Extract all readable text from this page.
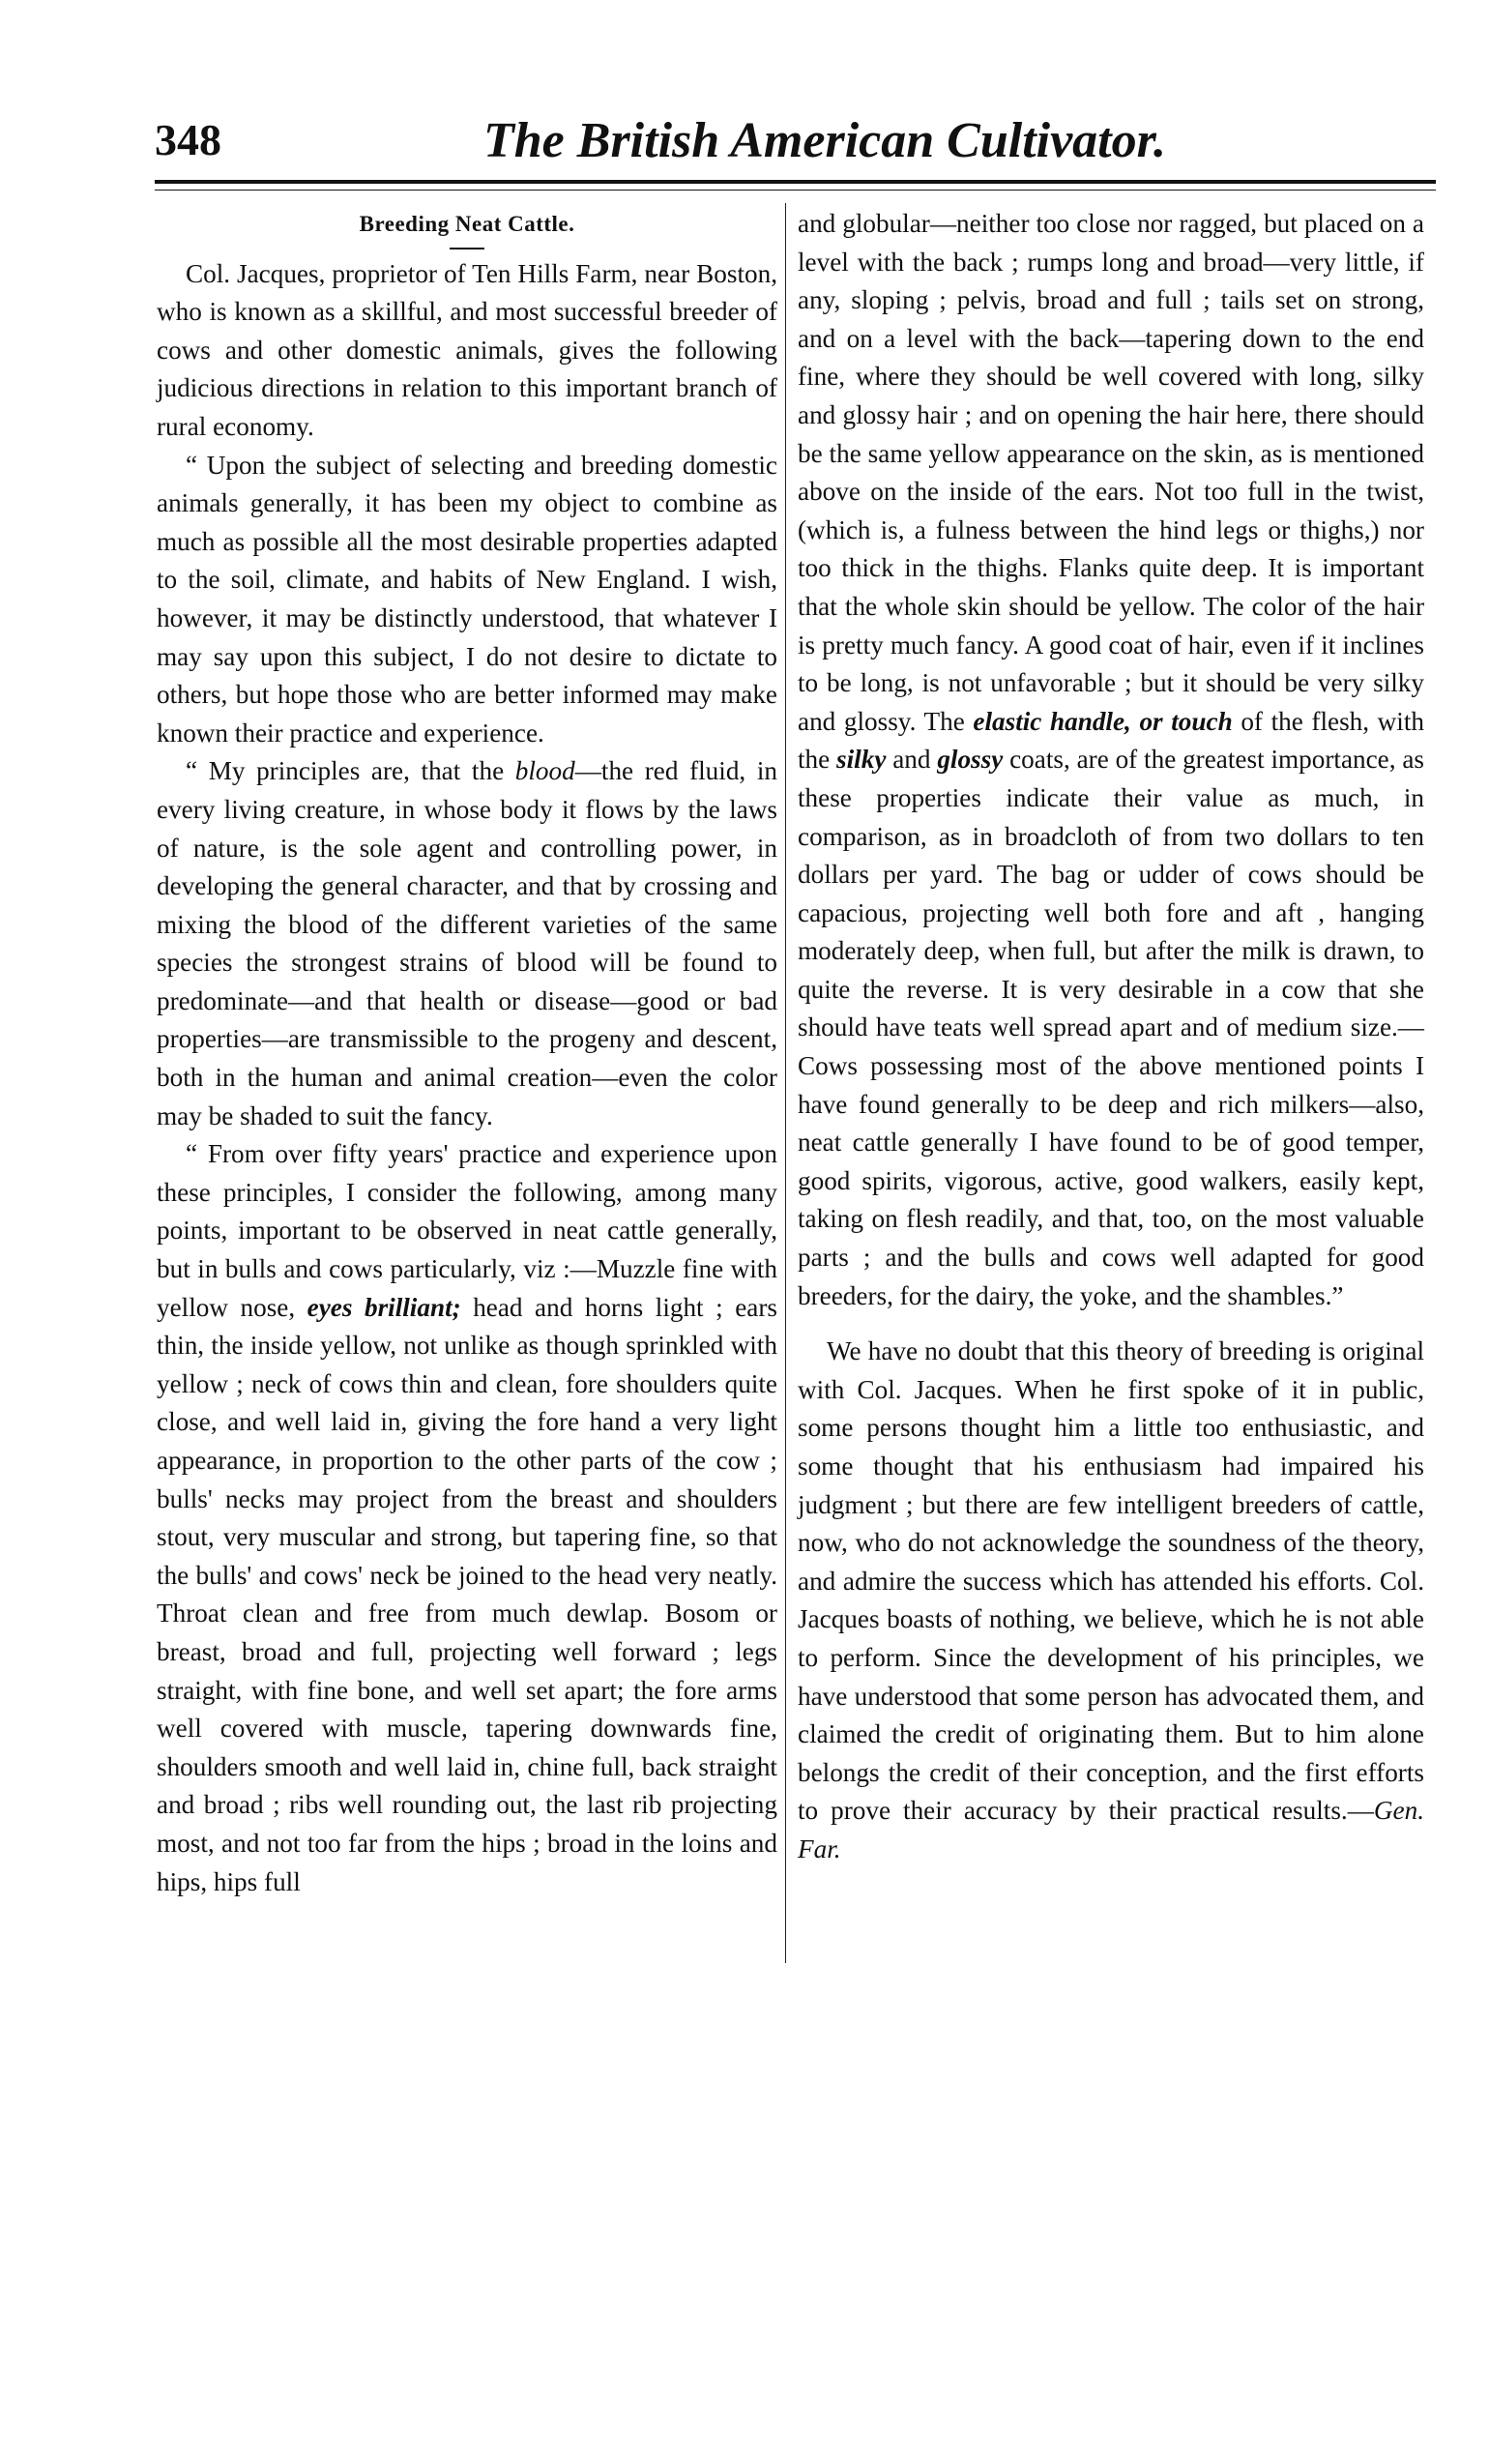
348	The British American Cultivator.
Breeding Neat Cattle.

Col. Jacques, proprietor of Ten Hills Farm, near Boston, who is known as a skillful, and most successful breeder of cows and other domestic animals, gives the following judicious directions in relation to this important branch of rural economy.

“ Upon the subject of selecting and breeding domestic animals generally, it has been my object to combine as much as possible all the most desirable properties adapted to the soil, climate, and habits of New England. I wish, however, it may be distinctly understood, that whatever I may say upon this subject, I do not desire to dictate to others, but hope those who are better informed may make known their practice and experience.

“ My principles are, that the blood—the red fluid, in every living creature, in whose body it flows by the laws of nature, is the sole agent and controlling power, in developing the general character, and that by crossing and mixing the blood of the different varieties of the same species the strongest strains of blood will be found to predominate—and that health or disease—good or bad properties—are transmissible to the progeny and descent, both in the human and animal creation—even the color may be shaded to suit the fancy.

“ From over fifty years' practice and experience upon these principles, I consider the following, among many points, important to be observed in neat cattle generally, but in bulls and cows particularly, viz :—Muzzle fine with yellow nose, eyes brilliant; head and horns light ; ears thin, the inside yellow, not unlike as though sprinkled with yellow ; neck of cows thin and clean, fore shoulders quite close, and well laid in, giving the fore hand a very light appearance, in proportion to the other parts of the cow ; bulls' necks may project from the breast and shoulders stout, very muscular and strong, but tapering fine, so that the bulls' and cows' neck be joined to the head very neatly. Throat clean and free from much dewlap. Bosom or breast, broad and full, projecting well forward ; legs straight, with fine bone, and well set apart; the fore arms well covered with muscle, tapering downwards fine, shoulders smooth and well laid in, chine full, back straight and broad ; ribs well rounding out, the last rib projecting most, and not too far from the hips ; broad in the loins and hips, hips full

and globular—neither too close nor ragged, but placed on a level with the back ; rumps long and broad—very little, if any, sloping ; pelvis, broad and full ; tails set on strong, and on a level with the back—tapering down to the end fine, where they should be well covered with long, silky and glossy hair ; and on opening the hair here, there should be the same yellow appearance on the skin, as is mentioned above on the inside of the ears. Not too full in the twist, (which is, a fulness between the hind legs or thighs,) nor too thick in the thighs. Flanks quite deep. It is important that the whole skin should be yellow. The color of the hair is pretty much fancy. A good coat of hair, even if it inclines to be long, is not unfavorable ; but it should be very silky and glossy. The elastic handle, or touch of the flesh, with the silky and glossy coats, are of the greatest importance, as these properties indicate their value as much, in comparison, as in broadcloth of from two dollars to ten dollars per yard. The bag or udder of cows should be capacious, projecting well both fore and aft , hanging moderately deep, when full, but after the milk is drawn, to quite the reverse. It is very desirable in a cow that she should have teats well spread apart and of medium size.—Cows possessing most of the above mentioned points I have found generally to be deep and rich milkers—also, neat cattle generally I have found to be of good temper, good spirits, vigorous, active, good walkers, easily kept, taking on flesh readily, and that, too, on the most valuable parts ; and the bulls and cows well adapted for good breeders, for the dairy, the yoke, and the shambles.”

We have no doubt that this theory of breeding is original with Col. Jacques. When he first spoke of it in public, some persons thought him a little too enthusiastic, and some thought that his enthusiasm had impaired his judgment ; but there are few intelligent breeders of cattle, now, who do not acknowledge the soundness of the theory, and admire the success which has attended his efforts. Col. Jacques boasts of nothing, we believe, which he is not able to perform. Since the development of his principles, we have understood that some person has advocated them, and claimed the credit of originating them. But to him alone belongs the credit of their conception, and the first efforts to prove their accuracy by their practical results.—Gen. Far.
